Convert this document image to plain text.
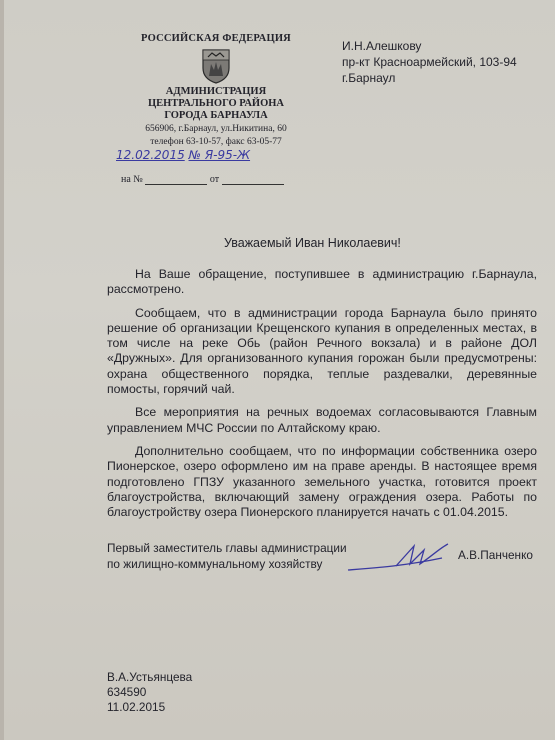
РОССИЙСКАЯ ФЕДЕРАЦИЯ
АДМИНИСТРАЦИЯ
ЦЕНТРАЛЬНОГО РАЙОНА
ГОРОДА БАРНАУЛА
656906, г.Барнаул, ул.Никитина, 60
телефон 63-10-57, факс 63-05-77
12.02.2015 № Я-95-Ж
на №	от
И.Н.Алешкову
пр-кт Красноармейский, 103-94
г.Барнаул
Уважаемый Иван Николаевич!

На Ваше обращение, поступившее в администрацию г.Барнаула, рассмотрено.

Сообщаем, что в администрации города Барнаула было принято решение об организации Крещенского купания в определенных местах, в том числе на реке Обь (район Речного вокзала) и в районе ДОЛ «Дружных». Для организованного купания горожан были предусмотрены: охрана общественного порядка, теплые раздевалки, деревянные помосты, горячий чай.

Все мероприятия на речных водоемах согласовываются Главным управлением МЧС России по Алтайскому краю.

Дополнительно сообщаем, что по информации собственника озеро Пионерское, озеро оформлено им на праве аренды. В настоящее время подготовлено ГПЗУ указанного земельного участка, готовится проект благоустройства, включающий замену ограждения озера. Работы по благоустройству озера Пионерского планируется начать с 01.04.2015.

Первый заместитель главы администрации
по жилищно-коммунальному хозяйству
А.В.Панченко
В.А.Устьянцева
634590
11.02.2015
